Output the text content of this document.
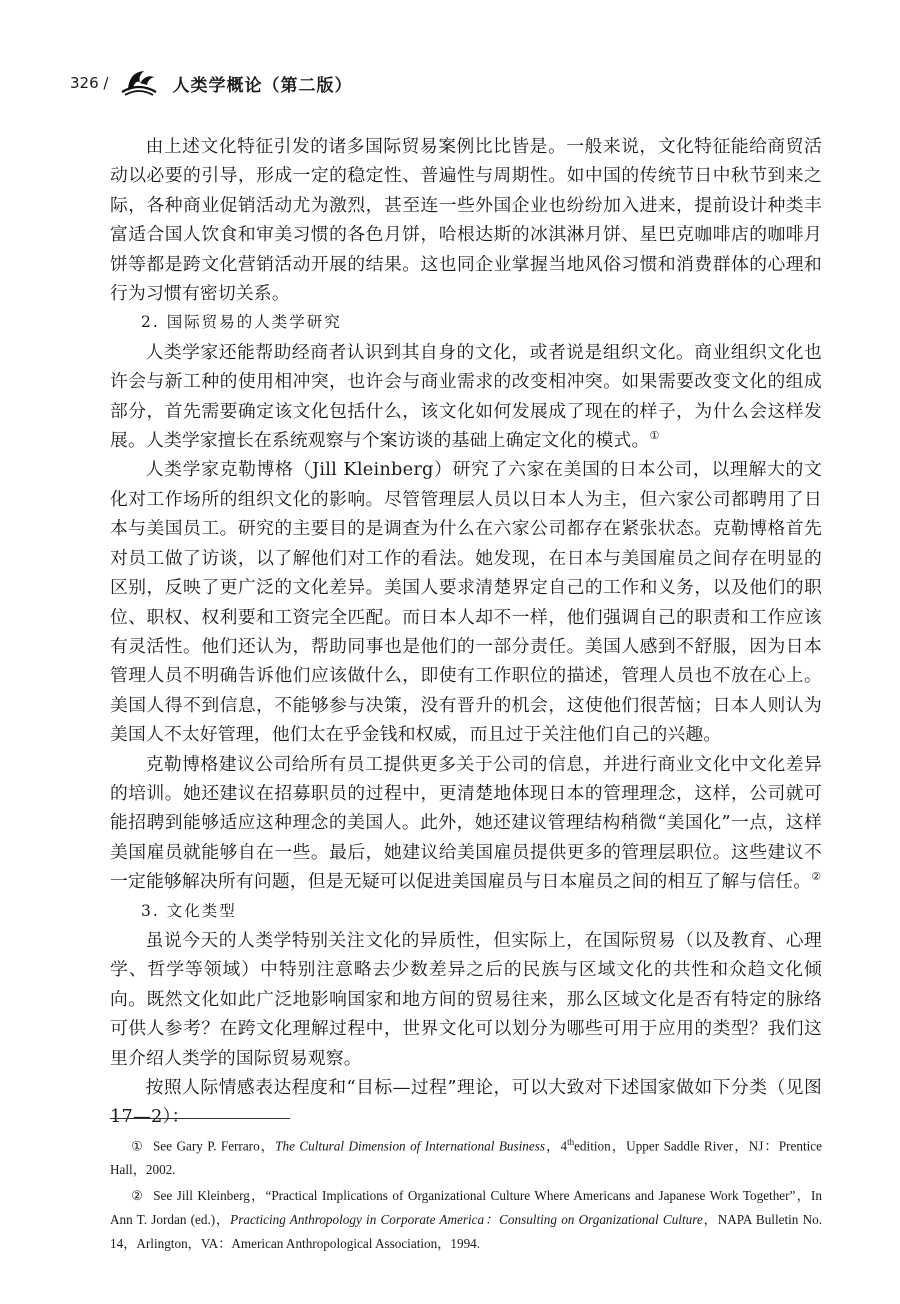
326 /	人类学概论（第二版）

由上述文化特征引发的诸多国际贸易案例比比皆是。一般来说，文化特征能给商贸活动以必要的引导，形成一定的稳定性、普遍性与周期性。如中国的传统节日中秋节到来之际，各种商业促销活动尤为激烈，甚至连一些外国企业也纷纷加入进来，提前设计种类丰富适合国人饮食和审美习惯的各色月饼，哈根达斯的冰淇淋月饼、星巴克咖啡店的咖啡月饼等都是跨文化营销活动开展的结果。这也同企业掌握当地风俗习惯和消费群体的心理和行为习惯有密切关系。

2. 国际贸易的人类学研究

人类学家还能帮助经商者认识到其自身的文化，或者说是组织文化。商业组织文化也许会与新工种的使用相冲突，也许会与商业需求的改变相冲突。如果需要改变文化的组成部分，首先需要确定该文化包括什么，该文化如何发展成了现在的样子，为什么会这样发展。人类学家擅长在系统观察与个案访谈的基础上确定文化的模式。①

人类学家克勒博格（Jill Kleinberg）研究了六家在美国的日本公司，以理解大的文化对工作场所的组织文化的影响。尽管管理层人员以日本人为主，但六家公司都聘用了日本与美国员工。研究的主要目的是调查为什么在六家公司都存在紧张状态。克勒博格首先对员工做了访谈，以了解他们对工作的看法。她发现，在日本与美国雇员之间存在明显的区别，反映了更广泛的文化差异。美国人要求清楚界定自己的工作和义务，以及他们的职位、职权、权利要和工资完全匹配。而日本人却不一样，他们强调自己的职责和工作应该有灵活性。他们还认为，帮助同事也是他们的一部分责任。美国人感到不舒服，因为日本管理人员不明确告诉他们应该做什么，即使有工作职位的描述，管理人员也不放在心上。美国人得不到信息，不能够参与决策，没有晋升的机会，这使他们很苦恼；日本人则认为美国人不太好管理，他们太在乎金钱和权威，而且过于关注他们自己的兴趣。

克勒博格建议公司给所有员工提供更多关于公司的信息，并进行商业文化中文化差异的培训。她还建议在招募职员的过程中，更清楚地体现日本的管理理念，这样，公司就可能招聘到能够适应这种理念的美国人。此外，她还建议管理结构稍微“美国化”一点，这样美国雇员就能够自在一些。最后，她建议给美国雇员提供更多的管理层职位。这些建议不一定能够解决所有问题，但是无疑可以促进美国雇员与日本雇员之间的相互了解与信任。②

3. 文化类型

虽说今天的人类学特别关注文化的异质性，但实际上，在国际贸易（以及教育、心理学、哲学等领域）中特别注意略去少数差异之后的民族与区域文化的共性和众趋文化倾向。既然文化如此广泛地影响国家和地方间的贸易往来，那么区域文化是否有特定的脉络可供人参考？在跨文化理解过程中，世界文化可以划分为哪些可用于应用的类型？我们这里介绍人类学的国际贸易观察。

按照人际情感表达程度和“目标—过程”理论，可以大致对下述国家做如下分类（见图 17—2）：

① See Gary P. Ferraro，The Cultural Dimension of International Business，4thedition，Upper Saddle River，NJ：Prentice Hall，2002.

② See Jill Kleinberg，“Practical Implications of Organizational Culture Where Americans and Japanese Work Together”，In Ann T. Jordan (ed.)，Practicing Anthropology in Corporate America：Consulting on Organizational Culture，NAPA Bulletin No. 14，Arlington，VA：American Anthropological Association，1994.
